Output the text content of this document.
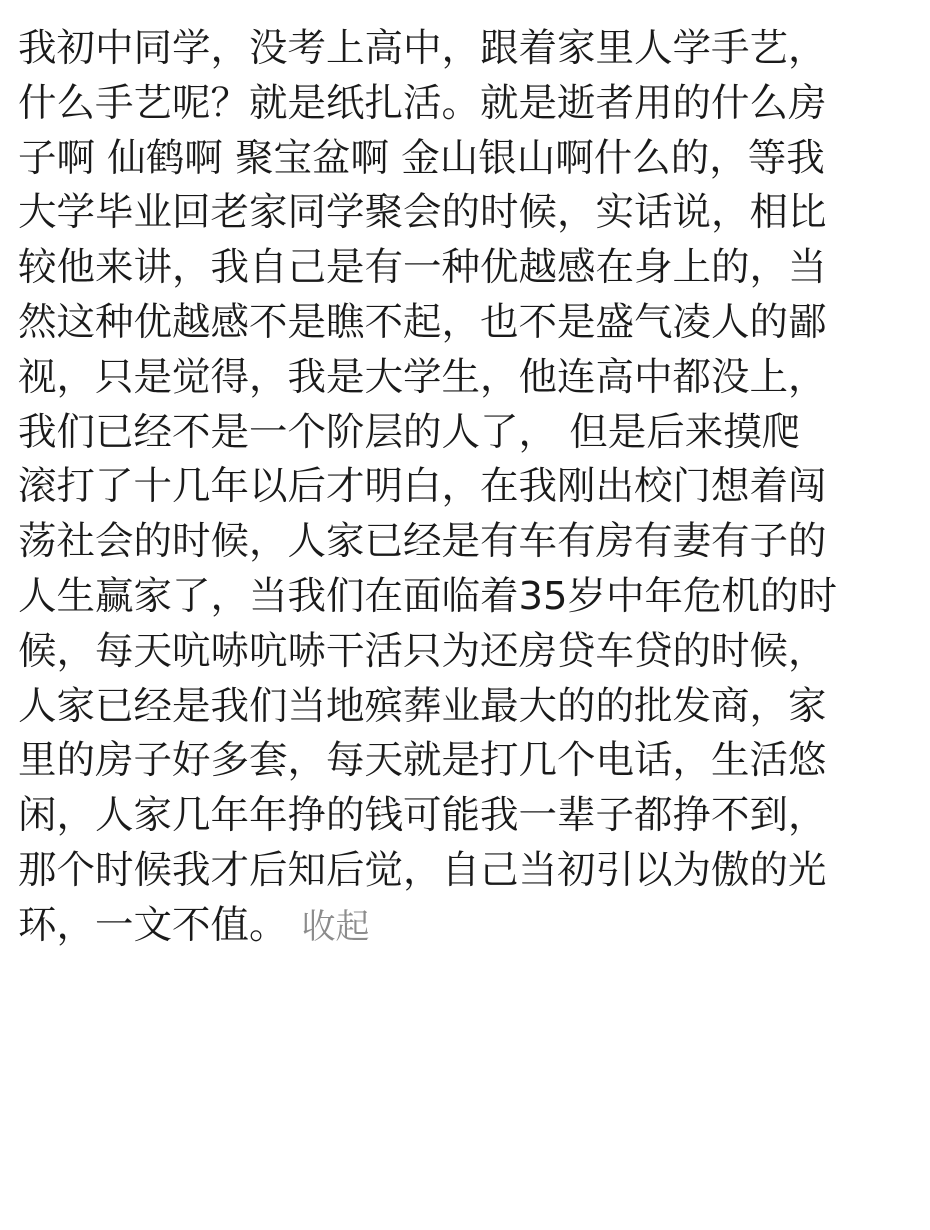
我初中同学，没考上高中，跟着家里人学手艺，

什么手艺呢？就是纸扎活。就是逝者用的什么房

子啊 仙鹤啊 聚宝盆啊 金山银山啊什么的，等我

大学毕业回老家同学聚会的时候，实话说，相比

较他来讲，我自己是有一种优越感在身上的，当

然这种优越感不是瞧不起，也不是盛气凌人的鄙

视，只是觉得，我是大学生，他连高中都没上，

我们已经不是一个阶层的人了， 但是后来摸爬

滚打了十几年以后才明白，在我刚出校门想着闯

荡社会的时候，人家已经是有车有房有妻有子的

人生赢家了，当我们在面临着35岁中年危机的时

候，每天吭哧吭哧干活只为还房贷车贷的时候，

人家已经是我们当地殡葬业最大的的批发商，家

里的房子好多套，每天就是打几个电话，生活悠

闲，人家几年年挣的钱可能我一辈子都挣不到，

那个时候我才后知后觉，自己当初引以为傲的光

环，一文不值。 收起
